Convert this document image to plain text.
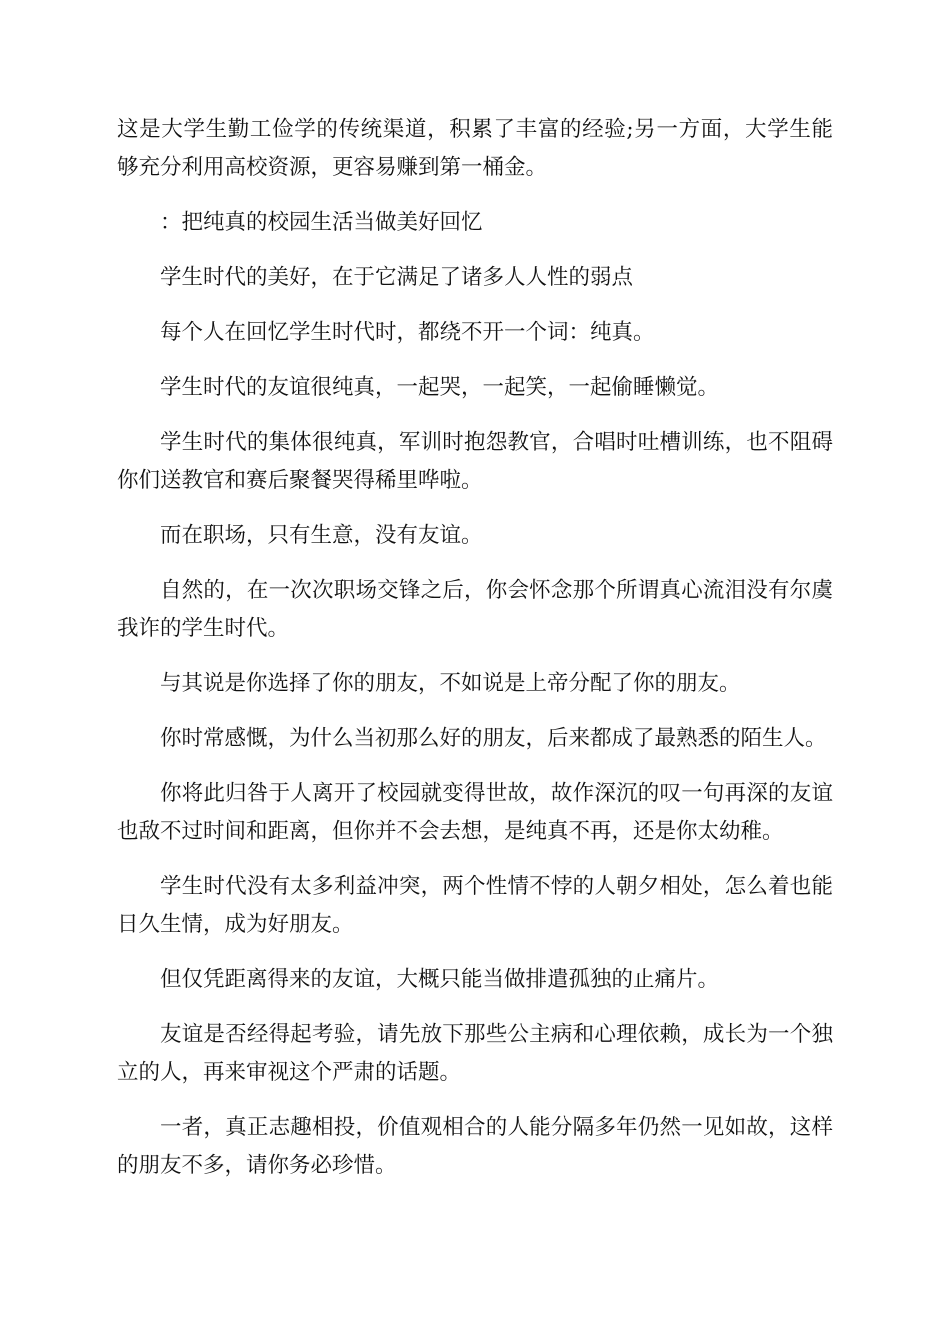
这是大学生勤工俭学的传统渠道，积累了丰富的经验;另一方面，大学生能够充分利用高校资源，更容易赚到第一桶金。

：把纯真的校园生活当做美好回忆

学生时代的美好，在于它满足了诸多人人性的弱点

每个人在回忆学生时代时，都绕不开一个词：纯真。

学生时代的友谊很纯真，一起哭，一起笑，一起偷睡懒觉。

学生时代的集体很纯真，军训时抱怨教官，合唱时吐槽训练，也不阻碍你们送教官和赛后聚餐哭得稀里哗啦。

而在职场，只有生意，没有友谊。

自然的，在一次次职场交锋之后，你会怀念那个所谓真心流泪没有尔虞我诈的学生时代。

与其说是你选择了你的朋友，不如说是上帝分配了你的朋友。

你时常感慨，为什么当初那么好的朋友，后来都成了最熟悉的陌生人。

你将此归咎于人离开了校园就变得世故，故作深沉的叹一句再深的友谊也敌不过时间和距离，但你并不会去想，是纯真不再，还是你太幼稚。

学生时代没有太多利益冲突，两个性情不悖的人朝夕相处，怎么着也能日久生情，成为好朋友。

但仅凭距离得来的友谊，大概只能当做排遣孤独的止痛片。

友谊是否经得起考验，请先放下那些公主病和心理依赖，成长为一个独立的人，再来审视这个严肃的话题。

一者，真正志趣相投，价值观相合的人能分隔多年仍然一见如故，这样的朋友不多，请你务必珍惜。
